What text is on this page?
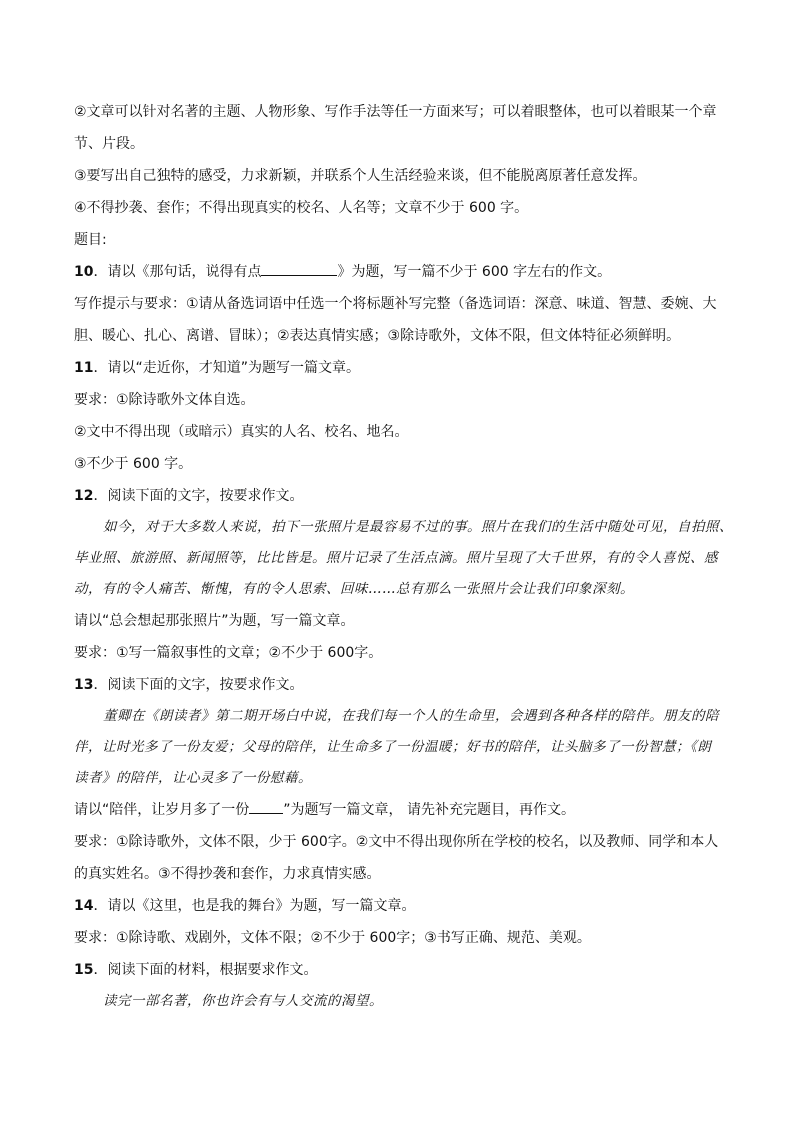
②文章可以针对名著的主题、人物形象、写作手法等任一方面来写；可以着眼整体，也可以着眼某一个章

节、片段。

③要写出自己独特的感受，力求新颖，并联系个人生活经验来谈，但不能脱离原著任意发挥。

④不得抄袭、套作；不得出现真实的校名、人名等；文章不少于 600 字。

题目:

10．请以《那句话，说得有点	》为题，写一篇不少于 600 字左右的作文。

写作提示与要求：①请从备选词语中任选一个将标题补写完整（备选词语：深意、味道、智慧、委婉、大

胆、暖心、扎心、离谱、冒昧）；②表达真情实感；③除诗歌外，文体不限，但文体特征必须鲜明。

11．请以“走近你，才知道”为题写一篇文章。

要求：①除诗歌外文体自选。

②文中不得出现（或暗示）真实的人名、校名、地名。

③不少于 600 字。

12．阅读下面的文字，按要求作文。

如今，对于大多数人来说，拍下一张照片是最容易不过的事。照片在我们的生活中随处可见，自拍照、

毕业照、旅游照、新闻照等，比比皆是。照片记录了生活点滴。照片呈现了大千世界，有的令人喜悦、感

动，有的令人痛苦、惭愧，有的令人思索、回味……总有那么一张照片会让我们印象深刻。

请以“总会想起那张照片”为题，写一篇文章。

要求：①写一篇叙事性的文章；②不少于 600字。

13．阅读下面的文字，按要求作文。

董卿在《朗读者》第二期开场白中说，在我们每一个人的生命里，会遇到各种各样的陪伴。朋友的陪

伴，让时光多了一份友爱；父母的陪伴，让生命多了一份温暖；好书的陪伴，让头脑多了一份智慧；《朗

读者》的陪伴，让心灵多了一份慰藉。

请以“陪伴，让岁月多了一份 ”为题写一篇文章， 请先补充完题目，再作文。

要求：①除诗歌外，文体不限，少于 600字。②文中不得出现你所在学校的校名，以及教师、同学和本人

的真实姓名。③不得抄袭和套作，力求真情实感。

14．请以《这里，也是我的舞台》为题，写一篇文章。

要求：①除诗歌、戏剧外，文体不限；②不少于 600字；③书写正确、规范、美观。

15．阅读下面的材料，根据要求作文。

读完一部名著，你也许会有与人交流的渴望。
